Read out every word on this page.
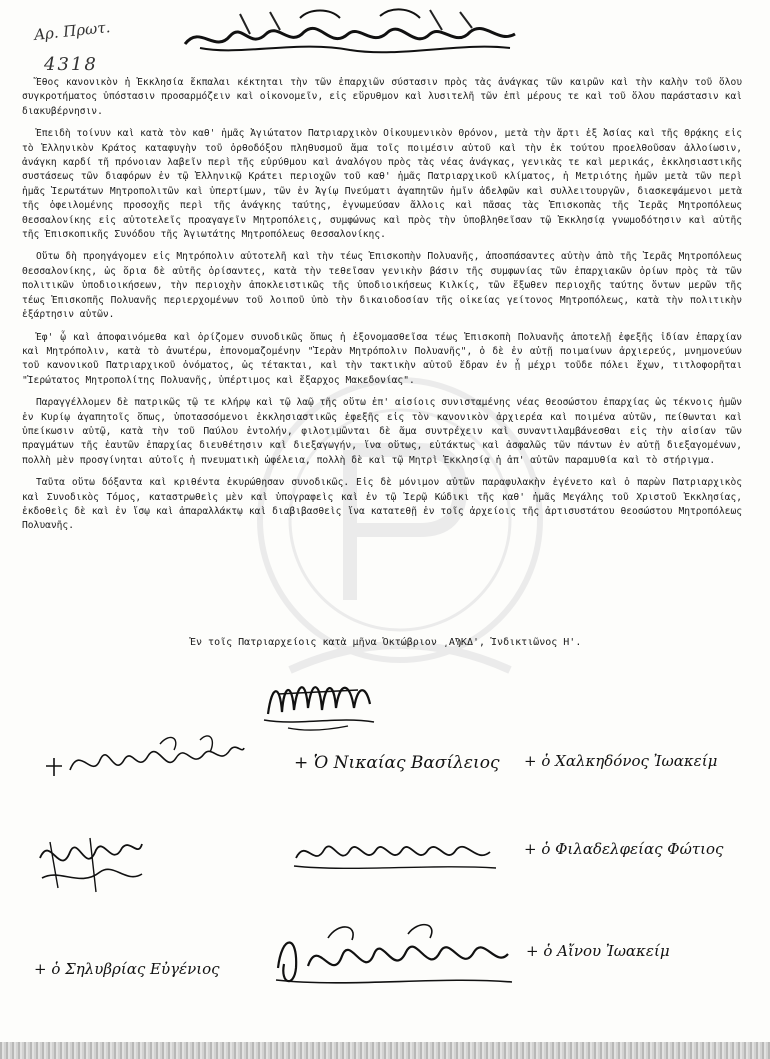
Αρ. Πρωτ.
4318

Ἔθος κανονικὸν ἡ Ἐκκλησία ἔκπαλαι κέκτηται τὴν τῶν ἐπαρχιῶν σύστασιν πρὸς τὰς ἀνάγκας τῶν καιρῶν καὶ τὴν καλὴν τοῦ ὅλου συγκροτήματος ὑπόστασιν προσαρμόζειν καὶ οἰκονομεῖν, εἰς εὔρυθμον καὶ λυσιτελῆ τῶν ἐπὶ μέρους τε καὶ τοῦ ὅλου παράστασιν καὶ διακυβέρνησιν.

Ἐπειδὴ τοίνυν καὶ κατὰ τὸν καθ' ἡμᾶς Ἁγιώτατον Πατριαρχικὸν Οἰκουμενικὸν Θρόνον, μετὰ τὴν ἄρτι ἐξ Ἀσίας καὶ τῆς Θρᾴκης εἰς τὸ Ἑλληνικὸν Κράτος καταφυγὴν τοῦ ὀρθοδόξου πληθυσμοῦ ἅμα τοῖς ποιμέσιν αὐτοῦ καὶ τὴν ἐκ τούτου προελθοῦσαν ἀλλοίωσιν, ἀνάγκη καρδί τῆ πρόνοιαν λαβεῖν περὶ τῆς εὐρύθμου καὶ ἀναλόγου πρὸς τὰς νέας ἀνάγκας, γενικὰς τε καὶ μερικάς, ἐκκλησιαστικῆς συστάσεως τῶν διαφόρων ἐν τῷ Ἑλληνικῷ Κράτει περιοχῶν τοῦ καθ' ἡμᾶς Πατριαρχικοῦ κλίματος, ἡ Μετριότης ἡμῶν μετὰ τῶν περὶ ἡμᾶς Ἱερωτάτων Μητροπολιτῶν καὶ ὑπερτίμων, τῶν ἐν Ἁγίῳ Πνεύματι ἀγαπητῶν ἡμῖν ἀδελφῶν καὶ συλλειτουργῶν, διασκεψάμενοι μετὰ τῆς ὀφειλομένης προσοχῆς περὶ τῆς ἀνάγκης ταύτης, ἐγνωμεύσαν ἄλλοις καὶ πᾶσας τὰς Ἐπισκοπὰς τῆς Ἱερᾶς Μητροπόλεως Θεσσαλονίκης εἰς αὐτοτελεῖς προαγαγεῖν Μητροπόλεις, συμφώνως καὶ πρὸς τὴν ὑποβληθεῖσαν τῷ Ἐκκλησίᾳ γνωμοδότησιν καὶ αὐτῆς τῆς Ἐπισκοπικῆς Συνόδου τῆς Ἁγιωτάτης Μητροπόλεως Θεσσαλονίκης.

Οὕτω δὴ προηγάγομεν εἰς Μητρόπολιν αὐτοτελῆ καὶ τὴν τέως Ἐπισκοπὴν Πολυανῆς, ἀποσπάσαντες αὐτὴν ἀπὸ τῆς Ἱερᾶς Μητροπόλεως Θεσσαλονίκης, ὡς ὅρια δὲ αὐτῆς ὁρίσαντες, κατὰ τὴν τεθεῖσαν γενικὴν βάσιν τῆς συμφωνίας τῶν ἐπαρχιακῶν ὁρίων πρὸς τὰ τῶν πολιτικῶν ὑποδιοικήσεων, τὴν περιοχὴν ἀποκλειστικῶς τῆς ὑποδιοικήσεως Κιλκίς, τῶν ἔξωθεν περιοχῆς ταύτης ὄντων μερῶν τῆς τέως Ἐπισκοπῆς Πολυανῆς περιερχομένων τοῦ λοιποῦ ὑπὸ τὴν δικαιοδοσίαν τῆς οἰκείας γείτονος Μητροπόλεως, κατὰ τὴν πολιτικὴν ἐξάρτησιν αὐτῶν.

Ἐφ' ᾧ καὶ ἀποφαινόμεθα καὶ ὁρίζομεν συνοδικῶς ὅπως ἡ ἐξονομασθεῖσα τέως Ἐπισκοπὴ Πολυανῆς ἀποτελῇ ἐφεξῆς ἰδίαν ἐπαρχίαν καὶ Μητρόπολιν, κατὰ τὸ ἀνωτέρω, ἐπονομαζομένην "Ἱερὰν Μητρόπολιν Πολυανῆς", ὁ δὲ ἐν αὐτῇ ποιμαίνων ἀρχιερεύς, μνημονεύων τοῦ κανονικοῦ Πατριαρχικοῦ ὀνόματος, ὡς τέτακται, καὶ τὴν τακτικὴν αὐτοῦ ἕδραν ἐν ᾗ μέχρι τοῦδε πόλει ἔχων, τιτλοφορῆται "Ἱερώτατος Μητροπολίτης Πολυανῆς, ὑπέρτιμος καὶ ἔξαρχος Μακεδονίας".

Παραγγέλλομεν δὲ πατρικῶς τῷ τε κλήρῳ καὶ τῷ λαῷ τῆς οὕτω ἐπ' αἰσίοις συνισταμένης νέας θεοσώστου ἐπαρχίας ὡς τέκνοις ἡμῶν ἐν Κυρίῳ ἀγαπητοῖς ὅπως, ὑποτασσόμενοι ἐκκλησιαστικῶς ἐφεξῆς εἰς τὸν κανονικὸν ἀρχιερέα καὶ ποιμένα αὐτῶν, πείθωνται καὶ ὑπείκωσιν αὐτῷ, κατὰ τὴν τοῦ Παύλου ἐντολήν, φιλοτιμῶνται δὲ ἅμα συντρέχειν καὶ συναντιλαμβάνεσθαι εἰς τὴν αἰσίαν τῶν πραγμάτων τῆς ἑαυτῶν ἐπαρχίας διευθέτησιν καὶ διεξαγωγήν, ἵνα οὕτως, εὐτάκτως καὶ ἀσφαλῶς τῶν πάντων ἐν αὐτῇ διεξαγομένων, πολλὴ μὲν προσγίνηται αὐτοῖς ἡ πνευματικὴ ὠφέλεια, πολλὴ δὲ καὶ τῷ Μητρὶ Ἐκκλησίᾳ ἡ ἀπ' αὐτῶν παραμυθία καὶ τὸ στήριγμα.

Ταῦτα οὕτω δόξαντα καὶ κριθέντα ἐκυρώθησαν συνοδικῶς. Εἰς δὲ μόνιμον αὐτῶν παραφυλακὴν ἐγένετο καὶ ὁ παρὼν Πατριαρχικὸς καὶ Συνοδικὸς Τόμος, καταστρωθεὶς μὲν καὶ ὑπογραφεὶς καὶ ἐν τῷ Ἱερῷ Κώδικι τῆς καθ' ἡμᾶς Μεγάλης τοῦ Χριστοῦ Ἐκκλησίας, ἐκδοθεὶς δὲ καὶ ἐν ἴσῳ καὶ ἀπαραλλάκτῳ καὶ διαβιβασθεὶς ἵνα κατατεθῇ ἐν τοῖς ἀρχείοις τῆς ἀρτισυστάτου θεοσώστου Μητροπόλεως Πολυανῆς.

Ἐν τοῖς Πατριαρχείοις κατὰ μῆνα Ὀκτώβριον ͵ΑϠΚΔ', Ἰνδικτιῶνος Η'.
+ Ὁ Νικαίας Βασίλειος + ὁ Χαλκηδόνος Ἰωακείμ
+ ὁ Φιλαδελφείας Φώτιος
+ ὁ Σηλυβρίας Εὐγένιος
+ ὁ Αἴνου Ἰωακείμ
